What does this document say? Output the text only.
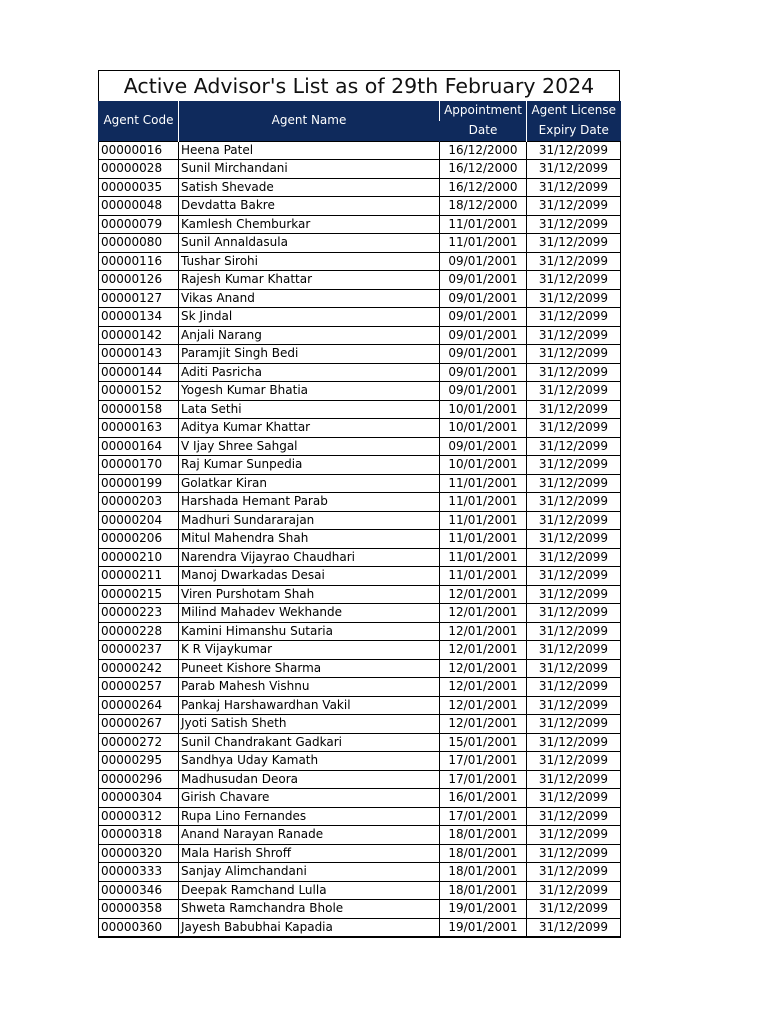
Active Advisor's List as of 29th February 2024
Agent Code	Agent Name	Appointment	Agent License
		Date	Expiry Date
00000016	Heena Patel	16/12/2000	31/12/2099
00000028	Sunil Mirchandani	16/12/2000	31/12/2099
00000035	Satish Shevade	16/12/2000	31/12/2099
00000048	Devdatta Bakre	18/12/2000	31/12/2099
00000079	Kamlesh Chemburkar	11/01/2001	31/12/2099
00000080	Sunil Annaldasula	11/01/2001	31/12/2099
00000116	Tushar Sirohi	09/01/2001	31/12/2099
00000126	Rajesh Kumar Khattar	09/01/2001	31/12/2099
00000127	Vikas Anand	09/01/2001	31/12/2099
00000134	Sk Jindal	09/01/2001	31/12/2099
00000142	Anjali Narang	09/01/2001	31/12/2099
00000143	Paramjit Singh Bedi	09/01/2001	31/12/2099
00000144	Aditi Pasricha	09/01/2001	31/12/2099
00000152	Yogesh Kumar Bhatia	09/01/2001	31/12/2099
00000158	Lata Sethi	10/01/2001	31/12/2099
00000163	Aditya Kumar Khattar	10/01/2001	31/12/2099
00000164	V Ijay Shree Sahgal	09/01/2001	31/12/2099
00000170	Raj Kumar Sunpedia	10/01/2001	31/12/2099
00000199	Golatkar Kiran	11/01/2001	31/12/2099
00000203	Harshada Hemant Parab	11/01/2001	31/12/2099
00000204	Madhuri Sundararajan	11/01/2001	31/12/2099
00000206	Mitul Mahendra Shah	11/01/2001	31/12/2099
00000210	Narendra Vijayrao Chaudhari	11/01/2001	31/12/2099
00000211	Manoj Dwarkadas Desai	11/01/2001	31/12/2099
00000215	Viren Purshotam Shah	12/01/2001	31/12/2099
00000223	Milind Mahadev Wekhande	12/01/2001	31/12/2099
00000228	Kamini Himanshu Sutaria	12/01/2001	31/12/2099
00000237	K R Vijaykumar	12/01/2001	31/12/2099
00000242	Puneet Kishore Sharma	12/01/2001	31/12/2099
00000257	Parab Mahesh Vishnu	12/01/2001	31/12/2099
00000264	Pankaj Harshawardhan Vakil	12/01/2001	31/12/2099
00000267	Jyoti Satish Sheth	12/01/2001	31/12/2099
00000272	Sunil Chandrakant Gadkari	15/01/2001	31/12/2099
00000295	Sandhya Uday Kamath	17/01/2001	31/12/2099
00000296	Madhusudan Deora	17/01/2001	31/12/2099
00000304	Girish Chavare	16/01/2001	31/12/2099
00000312	Rupa Lino Fernandes	17/01/2001	31/12/2099
00000318	Anand Narayan Ranade	18/01/2001	31/12/2099
00000320	Mala Harish Shroff	18/01/2001	31/12/2099
00000333	Sanjay Alimchandani	18/01/2001	31/12/2099
00000346	Deepak Ramchand Lulla	18/01/2001	31/12/2099
00000358	Shweta Ramchandra Bhole	19/01/2001	31/12/2099
00000360	Jayesh Babubhai Kapadia	19/01/2001	31/12/2099
